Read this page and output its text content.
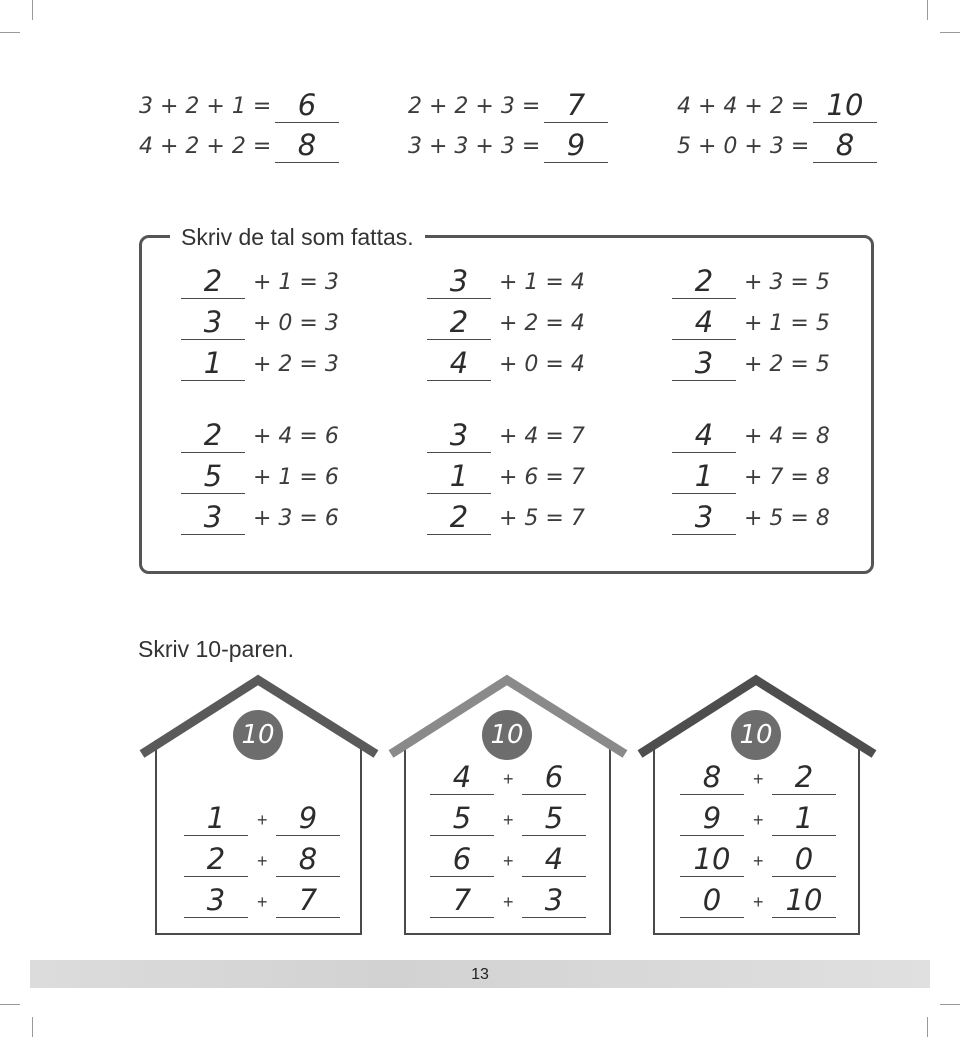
3 + 2 + 1 = 6
4 + 2 + 2 = 8
2 + 2 + 3 = 7
3 + 3 + 3 = 9
4 + 4 + 2 = 10
5 + 0 + 3 = 8
Skriv de tal som fattas.
2	+ 1 = 3
3	+ 0 = 3
1	+ 2 = 3
3	+ 1 = 4
2	+ 2 = 4
4	+ 0 = 4
2	+ 3 = 5
4	+ 1 = 5
3	+ 2 = 5
2	+ 4 = 6
5	+ 1 = 6
3	+ 3 = 6
3	+ 4 = 7
1	+ 6 = 7
2	+ 5 = 7
4	+ 4 = 8
1	+ 7 = 8
3	+ 5 = 8
Skriv 10-paren.
10
1	+	9
2	+	8
3	+	7
10
4	+	6
5	+	5
6	+	4
7	+	3
10
8	+	2
9	+	1
10	+	0
0	+ 10
13
